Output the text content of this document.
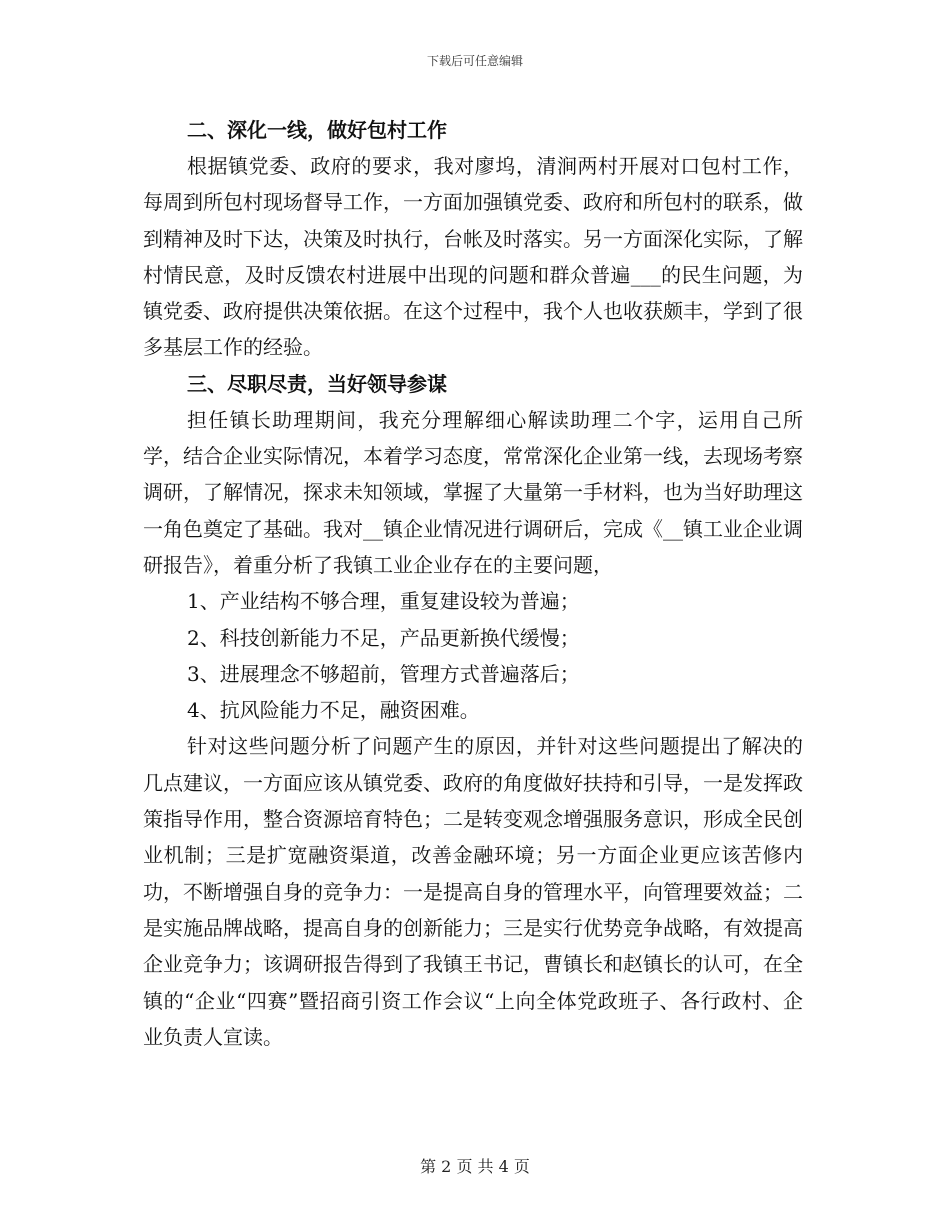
下载后可任意编辑
二、深化一线，做好包村工作

根据镇党委、政府的要求，我对廖坞，清涧两村开展对口包村工作，每周到所包村现场督导工作，一方面加强镇党委、政府和所包村的联系，做到精神及时下达，决策及时执行，台帐及时落实。另一方面深化实际，了解村情民意，及时反馈农村进展中出现的问题和群众普遍___的民生问题，为镇党委、政府提供决策依据。在这个过程中，我个人也收获颇丰，学到了很多基层工作的经验。

三、尽职尽责，当好领导参谋

担任镇长助理期间，我充分理解细心解读助理二个字，运用自己所学，结合企业实际情况，本着学习态度，常常深化企业第一线，去现场考察调研，了解情况，探求未知领域，掌握了大量第一手材料，也为当好助理这一角色奠定了基础。我对__镇企业情况进行调研后，完成《__镇工业企业调研报告》，着重分析了我镇工业企业存在的主要问题，

1、产业结构不够合理，重复建设较为普遍；

2、科技创新能力不足，产品更新换代缓慢；

3、进展理念不够超前，管理方式普遍落后；

4、抗风险能力不足，融资困难。

针对这些问题分析了问题产生的原因，并针对这些问题提出了解决的几点建议，一方面应该从镇党委、政府的角度做好扶持和引导，一是发挥政策指导作用，整合资源培育特色；二是转变观念增强服务意识，形成全民创业机制；三是扩宽融资渠道，改善金融环境；另一方面企业更应该苦修内功，不断增强自身的竞争力：一是提高自身的管理水平，向管理要效益；二是实施品牌战略，提高自身的创新能力；三是实行优势竞争战略，有效提高企业竞争力；该调研报告得到了我镇王书记，曹镇长和赵镇长的认可，在全镇的“企业“四赛”暨招商引资工作会议“上向全体党政班子、各行政村、企业负责人宣读。

第 2 页 共 4 页
